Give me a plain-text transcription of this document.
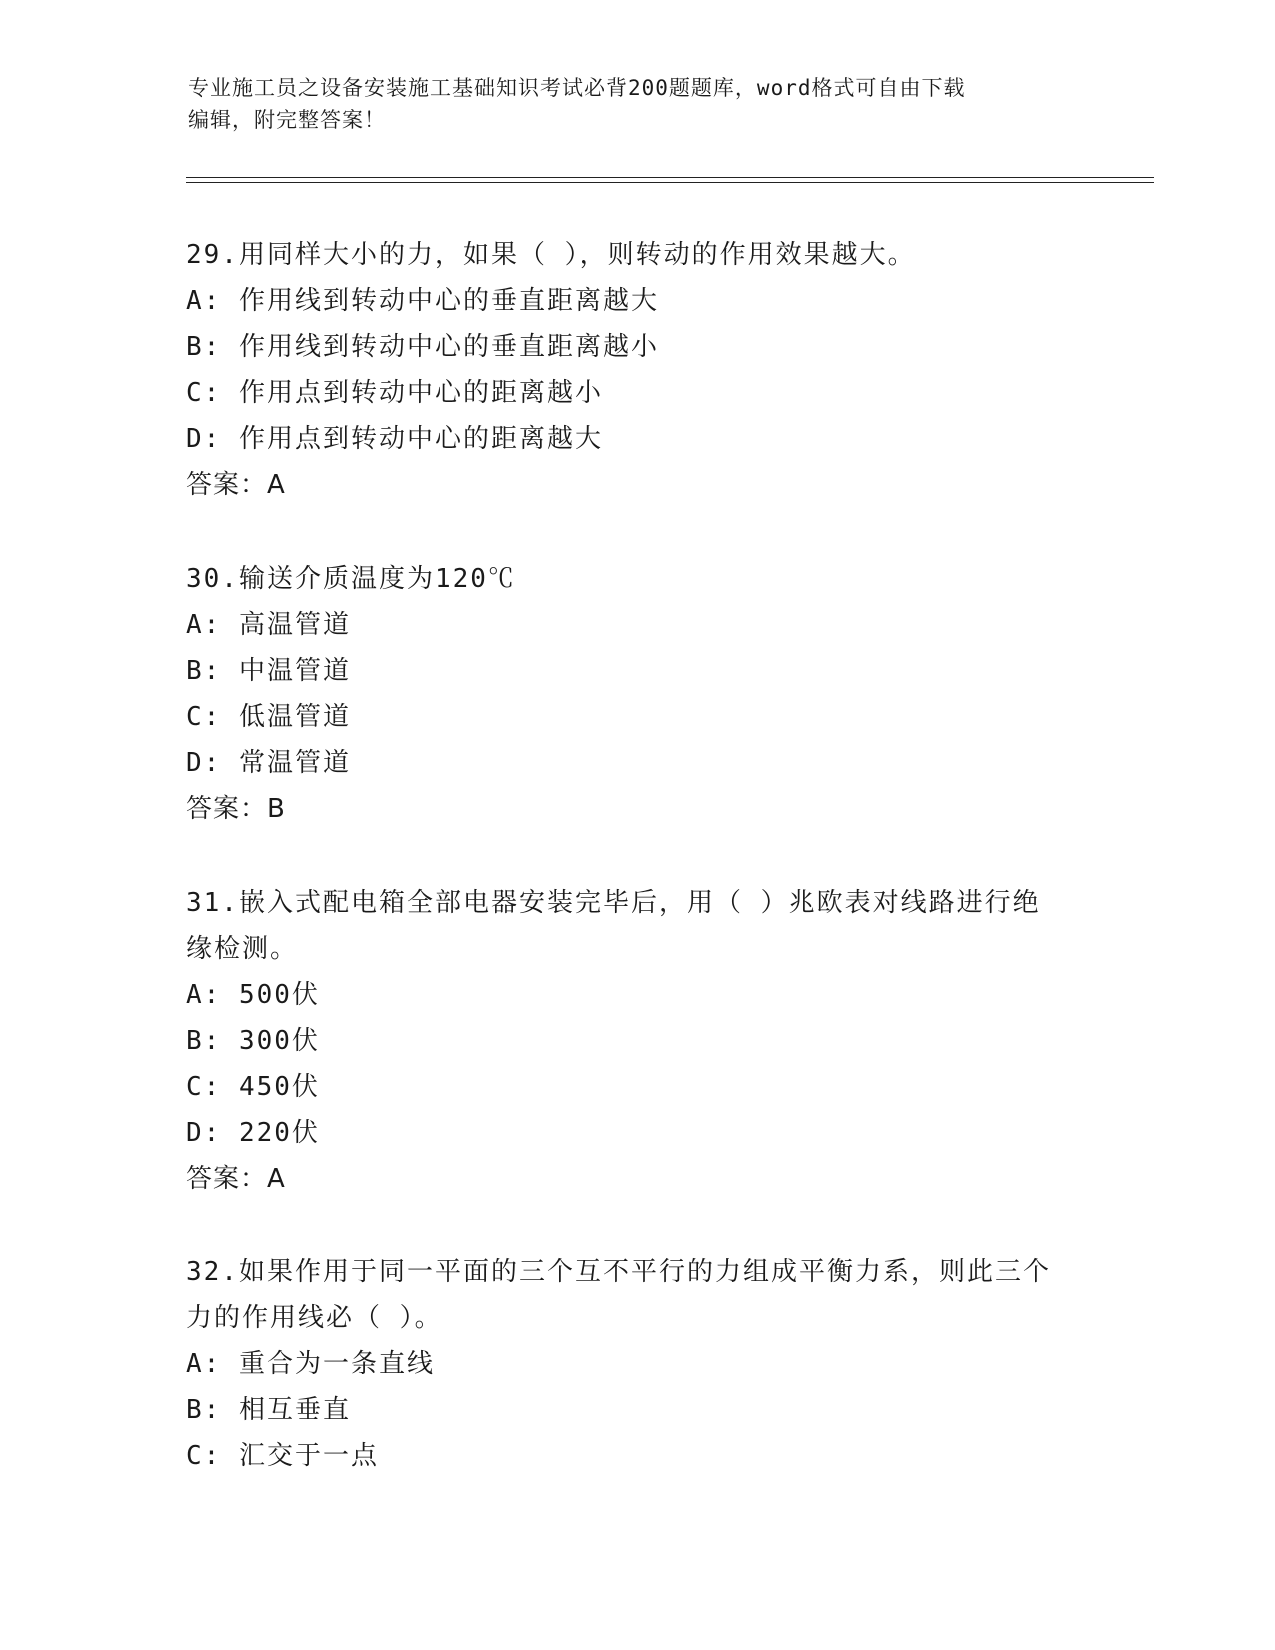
专业施工员之设备安装施工基础知识考试必背200题题库，word格式可自由下载
编辑，附完整答案！
29.用同样大小的力，如果（ ），则转动的作用效果越大。
A: 作用线到转动中心的垂直距离越大
B: 作用线到转动中心的垂直距离越小
C: 作用点到转动中心的距离越小
D: 作用点到转动中心的距离越大
答案：A
30.输送介质温度为120℃
A: 高温管道
B: 中温管道
C: 低温管道
D: 常温管道
答案：B
31.嵌入式配电箱全部电器安装完毕后，用（ ）兆欧表对线路进行绝
缘检测。
A: 500伏
B: 300伏
C: 450伏
D: 220伏
答案：A
32.如果作用于同一平面的三个互不平行的力组成平衡力系，则此三个
力的作用线必（ ）。
A: 重合为一条直线
B: 相互垂直
C: 汇交于一点
